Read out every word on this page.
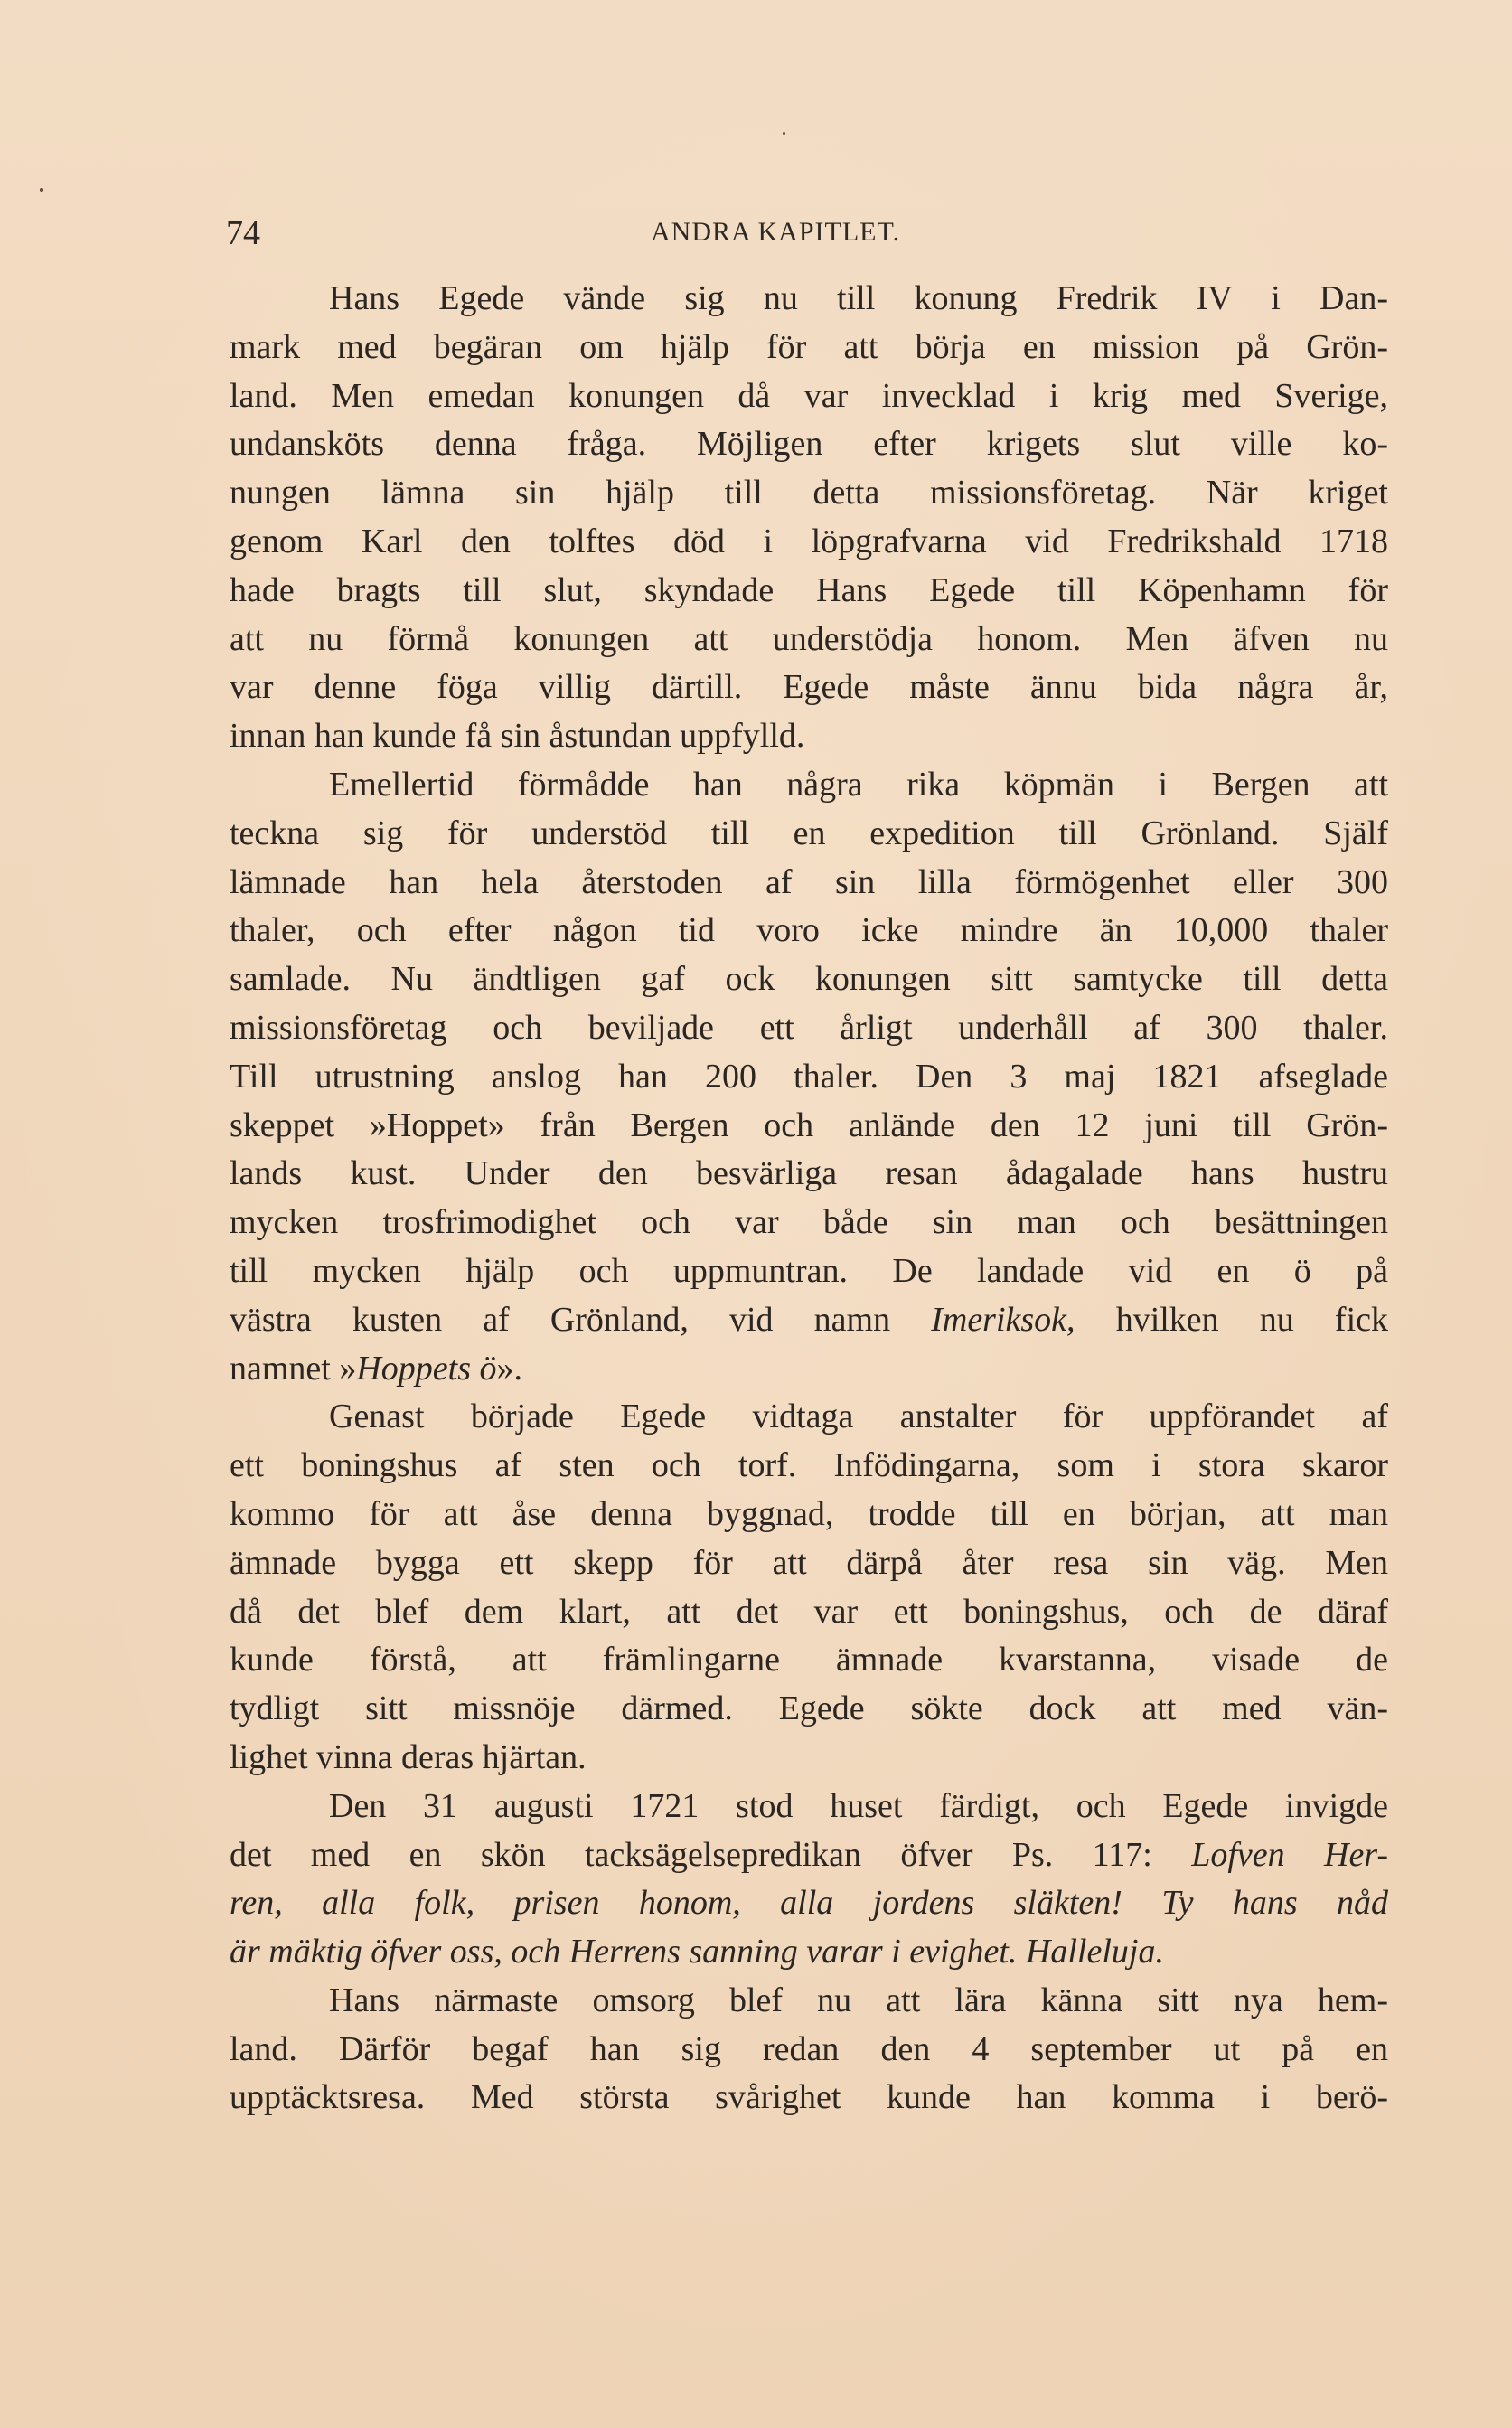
74	ANDRA KAPITLET.
Hans Egede vände sig nu till konung Fredrik IV i Dan-
mark med begäran om hjälp för att börja en mission på Grön-
land. Men emedan konungen då var invecklad i krig med Sverige,
undansköts denna fråga. Möjligen efter krigets slut ville ko-
nungen lämna sin hjälp till detta missionsföretag. När kriget
genom Karl den tolftes död i löpgrafvarna vid Fredrikshald 1718
hade bragts till slut, skyndade Hans Egede till Köpenhamn för
att nu förmå konungen att understödja honom. Men äfven nu
var denne föga villig därtill. Egede måste ännu bida några år,
innan han kunde få sin åstundan uppfylld.
Emellertid förmådde han några rika köpmän i Bergen att
teckna sig för understöd till en expedition till Grönland. Själf
lämnade han hela återstoden af sin lilla förmögenhet eller 300
thaler, och efter någon tid voro icke mindre än 10,000 thaler
samlade. Nu ändtligen gaf ock konungen sitt samtycke till detta
missionsföretag och beviljade ett årligt underhåll af 300 thaler.
Till utrustning anslog han 200 thaler. Den 3 maj 1821 afseglade
skeppet »Hoppet» från Bergen och anlände den 12 juni till Grön-
lands kust. Under den besvärliga resan ådagalade hans hustru
mycken trosfrimodighet och var både sin man och besättningen
till mycken hjälp och uppmuntran. De landade vid en ö på
västra kusten af Grönland, vid namn Imeriksok, hvilken nu fick
namnet »Hoppets ö».
Genast började Egede vidtaga anstalter för uppförandet af
ett boningshus af sten och torf. Infödingarna, som i stora skaror
kommo för att åse denna byggnad, trodde till en början, att man
ämnade bygga ett skepp för att därpå åter resa sin väg. Men
då det blef dem klart, att det var ett boningshus, och de däraf
kunde förstå, att främlingarne ämnade kvarstanna, visade de
tydligt sitt missnöje därmed. Egede sökte dock att med vän-
lighet vinna deras hjärtan.
Den 31 augusti 1721 stod huset färdigt, och Egede invigde
det med en skön tacksägelsepredikan öfver Ps. 117: Lofven Her-
ren, alla folk, prisen honom, alla jordens släkten! Ty hans nåd
är mäktig öfver oss, och Herrens sanning varar i evighet. Halleluja.
Hans närmaste omsorg blef nu att lära känna sitt nya hem-
land. Därför begaf han sig redan den 4 september ut på en
upptäcktsresa. Med största svårighet kunde han komma i berö-
